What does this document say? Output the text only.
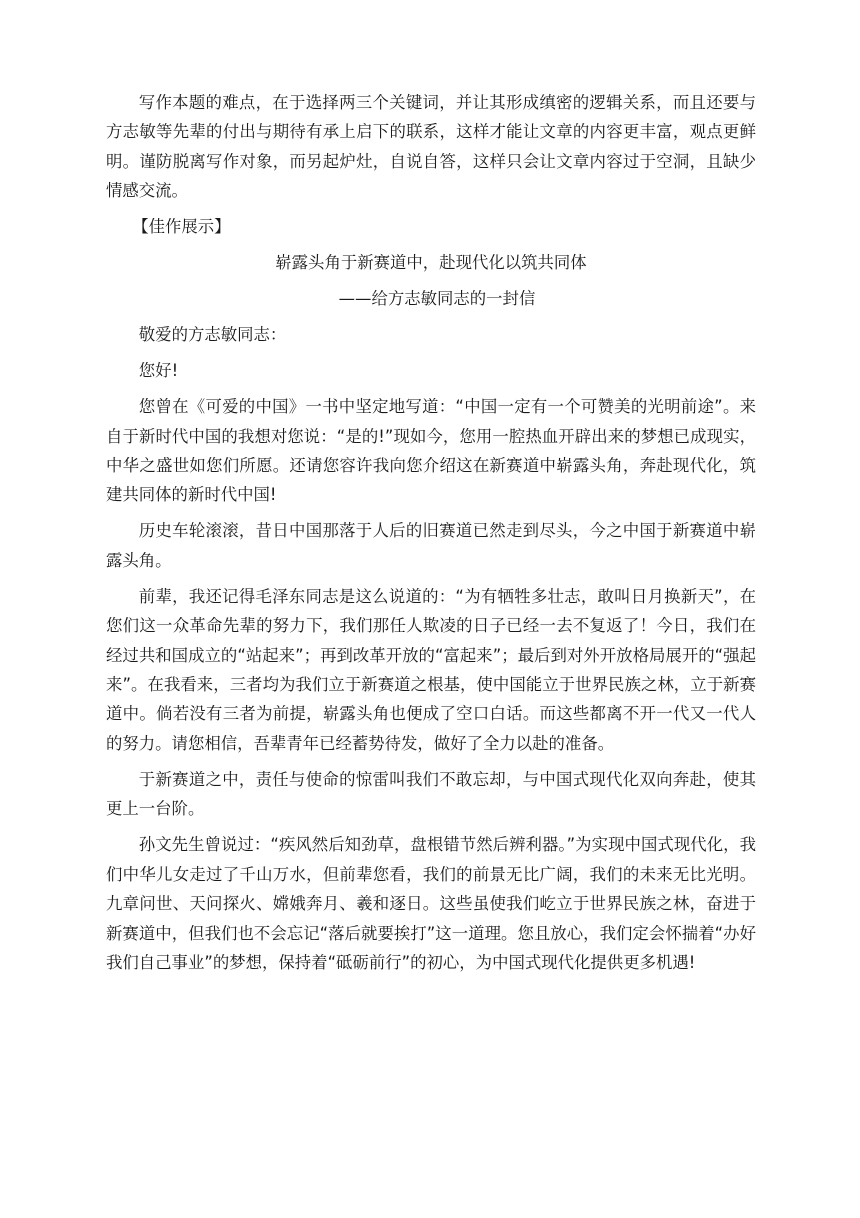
写作本题的难点，在于选择两三个关键词，并让其形成缜密的逻辑关系，而且还要与方志敏等先辈的付出与期待有承上启下的联系，这样才能让文章的内容更丰富，观点更鲜明。谨防脱离写作对象，而另起炉灶，自说自答，这样只会让文章内容过于空洞，且缺少情感交流。

【佳作展示】

崭露头角于新赛道中，赴现代化以筑共同体

——给方志敏同志的一封信

敬爱的方志敏同志：

您好!

您曾在《可爱的中国》一书中坚定地写道：“中国一定有一个可赞美的光明前途”。来自于新时代中国的我想对您说：“是的!”现如今，您用一腔热血开辟出来的梦想已成现实，中华之盛世如您们所愿。还请您容许我向您介绍这在新赛道中崭露头角，奔赴现代化，筑建共同体的新时代中国!

历史车轮滚滚，昔日中国那落于人后的旧赛道已然走到尽头，今之中国于新赛道中崭露头角。

前辈，我还记得毛泽东同志是这么说道的：“为有牺牲多壮志，敢叫日月换新天”，在您们这一众革命先辈的努力下，我们那任人欺凌的日子已经一去不复返了！今日，我们在经过共和国成立的“站起来”；再到改革开放的“富起来”；最后到对外开放格局展开的“强起来”。在我看来，三者均为我们立于新赛道之根基，使中国能立于世界民族之林，立于新赛道中。倘若没有三者为前提，崭露头角也便成了空口白话。而这些都离不开一代又一代人的努力。请您相信，吾辈青年已经蓄势待发，做好了全力以赴的准备。

于新赛道之中，责任与使命的惊雷叫我们不敢忘却，与中国式现代化双向奔赴，使其更上一台阶。

孙文先生曾说过：“疾风然后知劲草，盘根错节然后辨利器。”为实现中国式现代化，我们中华儿女走过了千山万水，但前辈您看，我们的前景无比广阔，我们的未来无比光明。九章问世、天问探火、嫦娥奔月、羲和逐日。这些虽使我们屹立于世界民族之林，奋进于新赛道中，但我们也不会忘记“落后就要挨打”这一道理。您且放心，我们定会怀揣着“办好我们自己事业”的梦想，保持着“砥砺前行”的初心，为中国式现代化提供更多机遇!
